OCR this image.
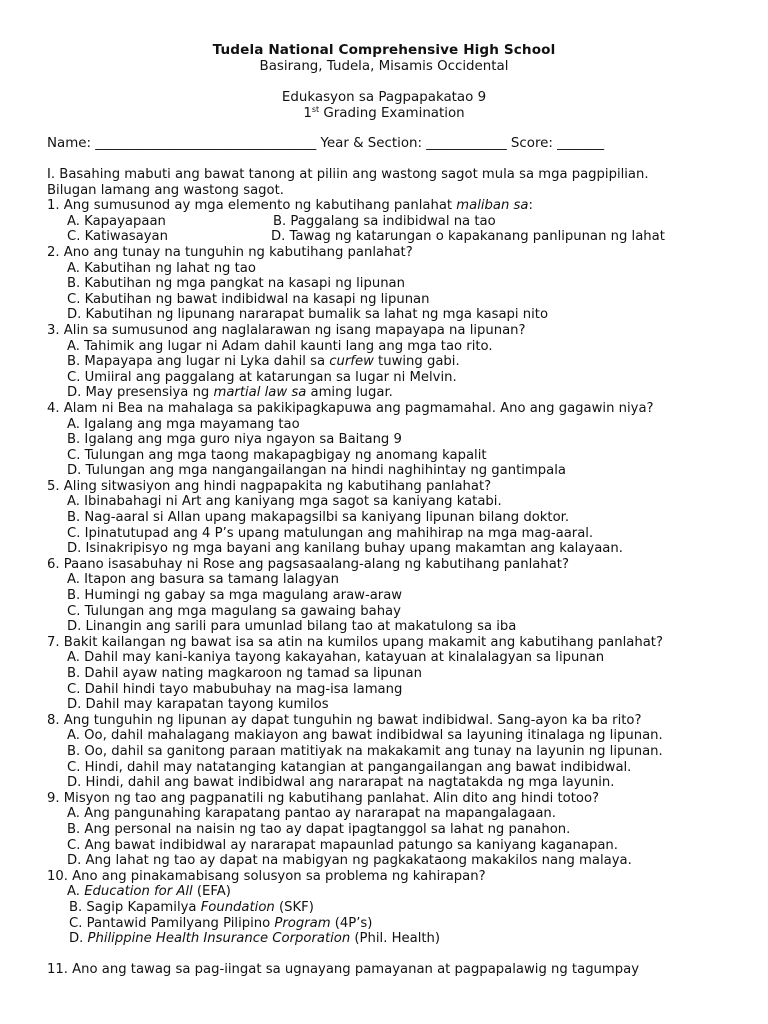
Tudela National Comprehensive High School
Basirang, Tudela, Misamis Occidental
Edukasyon sa Pagpapakatao 9
1st Grading Examination
Name: _________________________________ Year & Section: ____________ Score: _______
I. Basahing mabuti ang bawat tanong at piliin ang wastong sagot mula sa mga pagpipilian.
Bilugan lamang ang wastong sagot.
1. Ang sumusunod ay mga elemento ng kabutihang panlahat maliban sa:
A. Kapayapaan	B. Paggalang sa indibidwal na tao
C. Katiwasayan	D. Tawag ng katarungan o kapakanang panlipunan ng lahat
2. Ano ang tunay na tunguhin ng kabutihang panlahat?
A. Kabutihan ng lahat ng tao
B. Kabutihan ng mga pangkat na kasapi ng lipunan
C. Kabutihan ng bawat indibidwal na kasapi ng lipunan
D. Kabutihan ng lipunang nararapat bumalik sa lahat ng mga kasapi nito
3. Alin sa sumusunod ang naglalarawan ng isang mapayapa na lipunan?
A. Tahimik ang lugar ni Adam dahil kaunti lang ang mga tao rito.
B. Mapayapa ang lugar ni Lyka dahil sa curfew tuwing gabi.
C. Umiiral ang paggalang at katarungan sa lugar ni Melvin.
D. May presensiya ng martial law sa aming lugar.
4. Alam ni Bea na mahalaga sa pakikipagkapuwa ang pagmamahal. Ano ang gagawin niya?
A. Igalang ang mga mayamang tao
B. Igalang ang mga guro niya ngayon sa Baitang 9
C. Tulungan ang mga taong makapagbigay ng anomang kapalit
D. Tulungan ang mga nangangailangan na hindi naghihintay ng gantimpala
5. Aling sitwasiyon ang hindi nagpapakita ng kabutihang panlahat?
A. Ibinabahagi ni Art ang kaniyang mga sagot sa kaniyang katabi.
B. Nag-aaral si Allan upang makapagsilbi sa kaniyang lipunan bilang doktor.
C. Ipinatutupad ang 4 P’s upang matulungan ang mahihirap na mga mag-aaral.
D. Isinakripisyo ng mga bayani ang kanilang buhay upang makamtan ang kalayaan.
6. Paano isasabuhay ni Rose ang pagsasaalang-alang ng kabutihang panlahat?
A. Itapon ang basura sa tamang lalagyan
B. Humingi ng gabay sa mga magulang araw-araw
C. Tulungan ang mga magulang sa gawaing bahay
D. Linangin ang sarili para umunlad bilang tao at makatulong sa iba
7. Bakit kailangan ng bawat isa sa atin na kumilos upang makamit ang kabutihang panlahat?
A. Dahil may kani-kaniya tayong kakayahan, katayuan at kinalalagyan sa lipunan
B. Dahil ayaw nating magkaroon ng tamad sa lipunan
C. Dahil hindi tayo mabubuhay na mag-isa lamang
D. Dahil may karapatan tayong kumilos
8. Ang tunguhin ng lipunan ay dapat tunguhin ng bawat indibidwal. Sang-ayon ka ba rito?
A. Oo, dahil mahalagang makiayon ang bawat indibidwal sa layuning itinalaga ng lipunan.
B. Oo, dahil sa ganitong paraan matitiyak na makakamit ang tunay na layunin ng lipunan.
C. Hindi, dahil may natatanging katangian at pangangailangan ang bawat indibidwal.
D. Hindi, dahil ang bawat indibidwal ang nararapat na nagtatakda ng mga layunin.
9. Misyon ng tao ang pagpanatili ng kabutihang panlahat. Alin dito ang hindi totoo?
A. Ang pangunahing karapatang pantao ay nararapat na mapangalagaan.
B. Ang personal na naisin ng tao ay dapat ipagtanggol sa lahat ng panahon.
C. Ang bawat indibidwal ay nararapat mapaunlad patungo sa kaniyang kaganapan.
D. Ang lahat ng tao ay dapat na mabigyan ng pagkakataong makakilos nang malaya.
10. Ano ang pinakamabisang solusyon sa problema ng kahirapan?
A. Education for All (EFA)
B. Sagip Kapamilya Foundation (SKF)
C. Pantawid Pamilyang Pilipino Program (4P’s)
D. Philippine Health Insurance Corporation (Phil. Health)
11. Ano ang tawag sa pag-iingat sa ugnayang pamayanan at pagpapalawig ng tagumpay
